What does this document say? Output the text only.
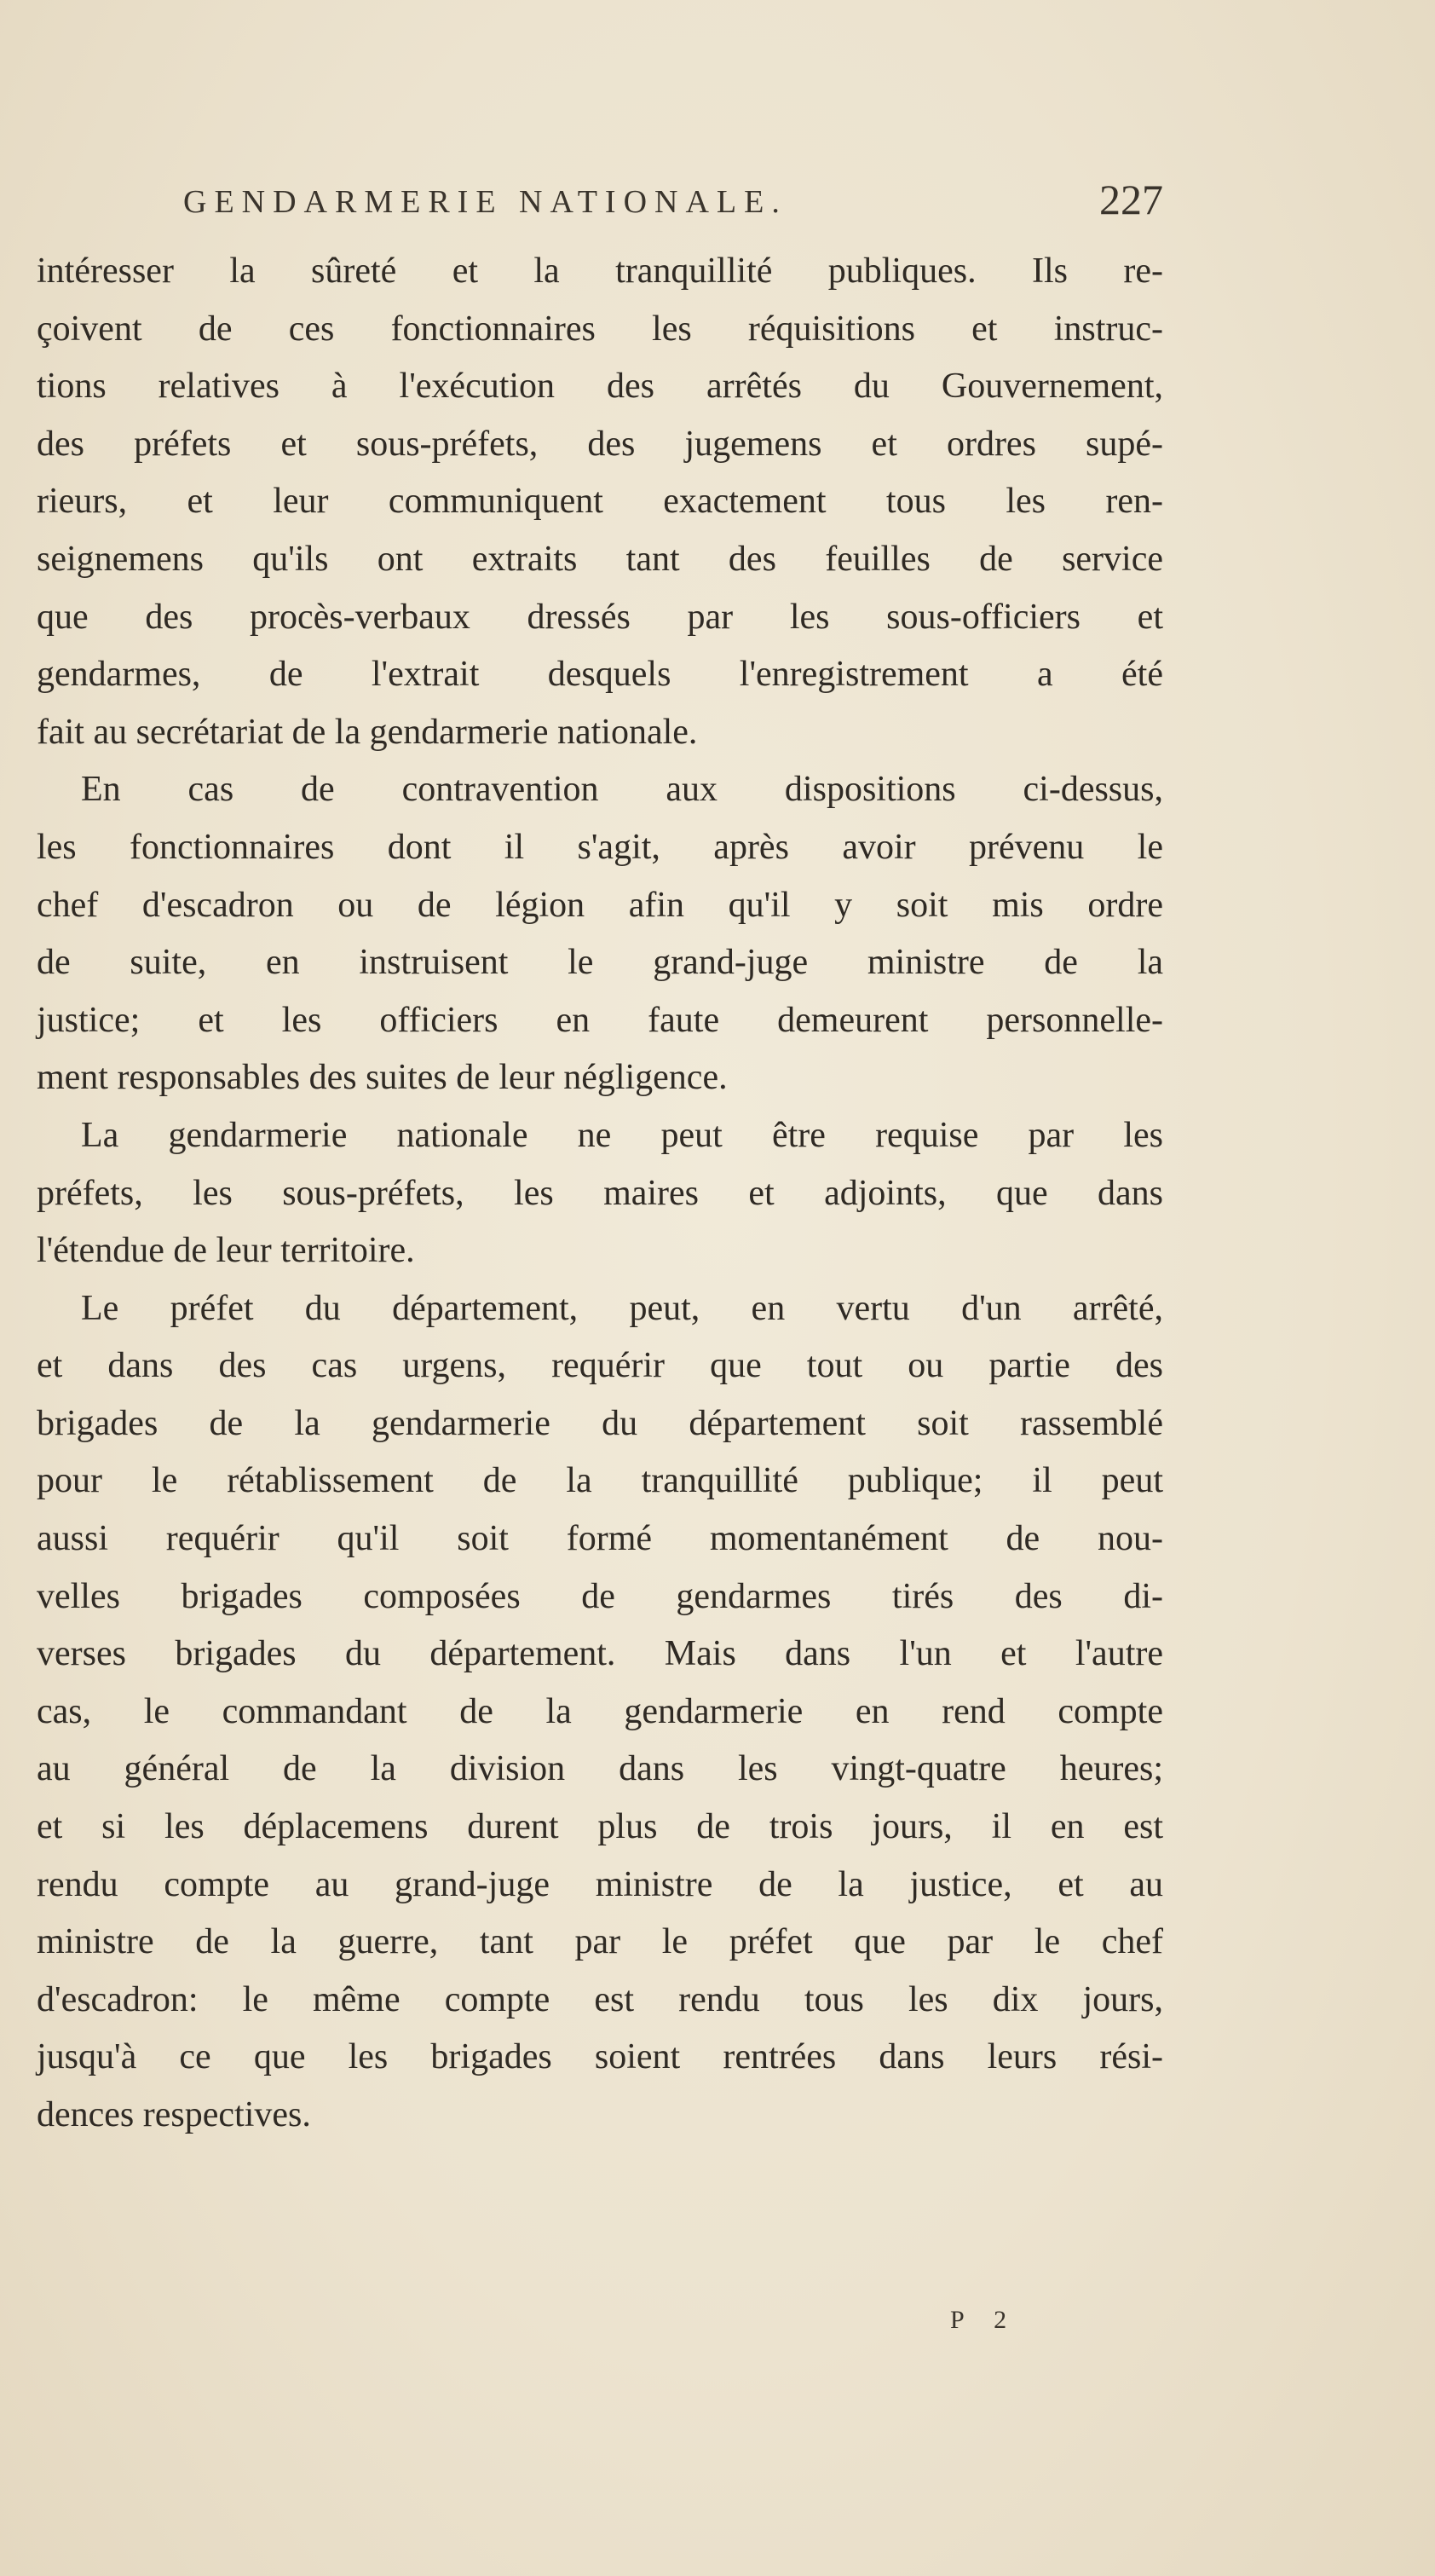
GENDARMERIE NATIONALE.	227
intéresser la sûreté et la tranquillité publiques. Ils re-
çoivent de ces fonctionnaires les réquisitions et instruc-
tions relatives à l'exécution des arrêtés du Gouvernement,
des préfets et sous-préfets, des jugemens et ordres supé-
rieurs, et leur communiquent exactement tous les ren-
seignemens qu'ils ont extraits tant des feuilles de service
que des procès-verbaux dressés par les sous-officiers et
gendarmes, de l'extrait desquels l'enregistrement a été
fait au secrétariat de la gendarmerie nationale.
En cas de contravention aux dispositions ci-dessus,
les fonctionnaires dont il s'agit, après avoir prévenu le
chef d'escadron ou de légion afin qu'il y soit mis ordre
de suite, en instruisent le grand-juge ministre de la
justice; et les officiers en faute demeurent personnelle-
ment responsables des suites de leur négligence.
La gendarmerie nationale ne peut être requise par les
préfets, les sous-préfets, les maires et adjoints, que dans
l'étendue de leur territoire.
Le préfet du département, peut, en vertu d'un arrêté,
et dans des cas urgens, requérir que tout ou partie des
brigades de la gendarmerie du département soit rassemblé
pour le rétablissement de la tranquillité publique; il peut
aussi requérir qu'il soit formé momentanément de nou-
velles brigades composées de gendarmes tirés des di-
verses brigades du département. Mais dans l'un et l'autre
cas, le commandant de la gendarmerie en rend compte
au général de la division dans les vingt-quatre heures;
et si les déplacemens durent plus de trois jours, il en est
rendu compte au grand-juge ministre de la justice, et au
ministre de la guerre, tant par le préfet que par le chef
d'escadron: le même compte est rendu tous les dix jours,
jusqu'à ce que les brigades soient rentrées dans leurs rési-
dences respectives.
P 2
